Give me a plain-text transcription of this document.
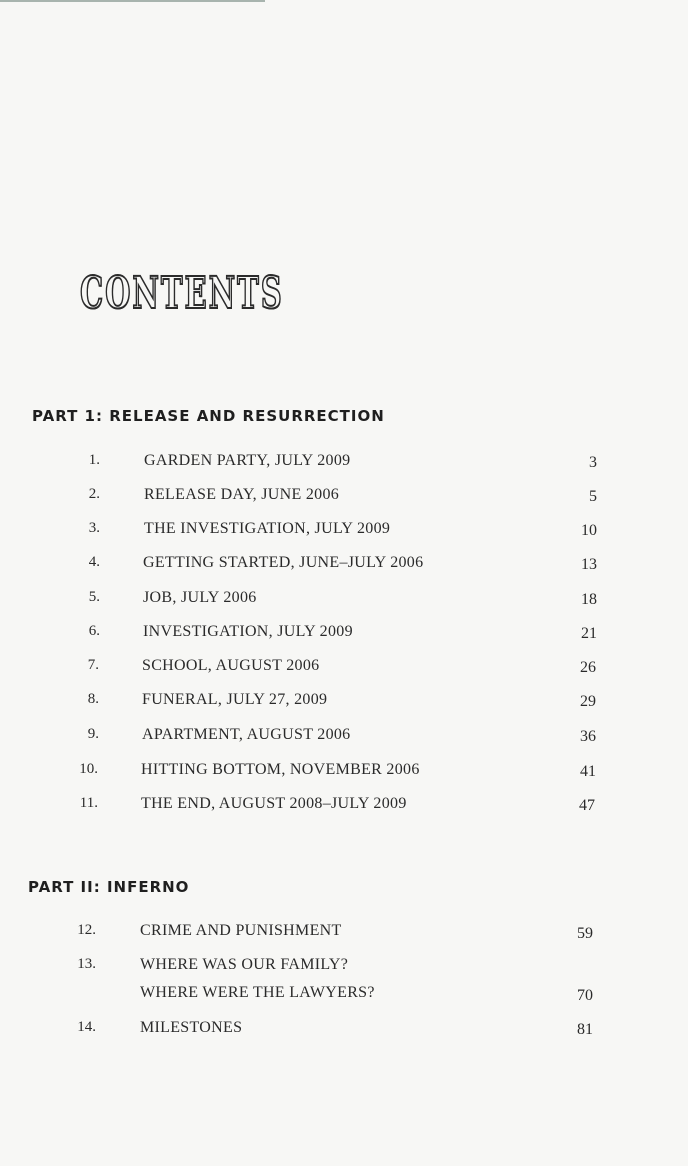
CONTENTS
PART 1: RELEASE AND RESURRECTION
1.	GARDEN PARTY, JULY 2009	3
2.	RELEASE DAY, JUNE 2006	5
3.	THE INVESTIGATION, JULY 2009	10
4.	GETTING STARTED, JUNE–JULY 2006	13
5.	JOB, JULY 2006	18
6.	INVESTIGATION, JULY 2009	21
7.	SCHOOL, AUGUST 2006	26
8.	FUNERAL, JULY 27, 2009	29
9.	APARTMENT, AUGUST 2006	36
10.	HITTING BOTTOM, NOVEMBER 2006	41
11.	THE END, AUGUST 2008–JULY 2009	47
PART II: INFERNO
12.	CRIME AND PUNISHMENT	59
13.	WHERE WAS OUR FAMILY?
WHERE WERE THE LAWYERS?	70
14.	MILESTONES	81
